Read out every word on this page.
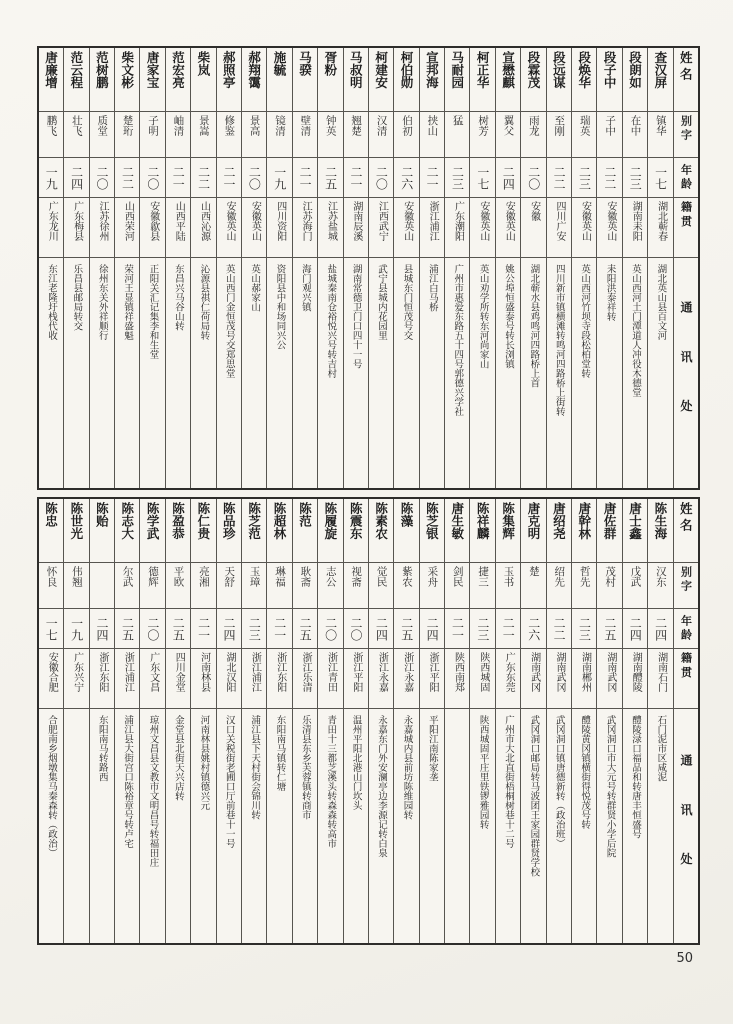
姓名
别字
年龄
籍贯
通讯处
查汉屏
镇华
一七
湖北蕲春
湖北英山县百文河
段朗如
在中
二三
湖南耒阳
英山西河土门潭道人冲役木德堂
段子中
子中
二二
安徽英山
耒阳洪泰祥转
段焕华
瑞英
二三
安徽英山
英山西河竹坝寺段松柏堂转
段远谋
至刚
二二
四川广安
四川新市镇横滩转鸣河四路桥上街转
段霖茂
雨龙
二〇
安徽
湖北蕲水县鸡鸣河四路桥上首
宣懋麒
翼父
二四
安徽英山
姚公埠恒盛泰号转长浏镇
柯正华
树芳
一七
安徽英山
英山劝学所转东河尚家山
马耐园
猛
二三
广东潮阳
广州市惠爱东路五十四号郭德兴学社
宣邦海
挟山
二一
浙江浦江
浦江白马桥
柯伯勋
伯初
二六
安徽英山
县城东门恒茂号交
柯建安
汉清
二〇
江西武宁
武宁县城内花园里
马叔明
翘楚
二一
湖南辰溪
湖南常德卫门口四十一号
胥粉
钟英
二五
江苏盐城
盐城秦南仓裕悦兴号转吉村
马骙
壁清
二一
江苏海门
海门观兴镇
施毓
镜清
一九
四川资阳
资阳县中和场同兴公
郝翔霭
景高
二〇
安徽英山
英山郝家山
郝照亭
修鉴
二一
安徽英山
英山西门金恒茂号交郑思堂
柴岚
景嵩
二二
山西沁源
沁源县祺仁荷局转
范宏亮
岫清
二一
山西平陆
东昌兴马谷山转
唐家宝
子明
二〇
安徽歙县
正阳关汇记集李和生堂
柴文彬
楚珩
二二
山西荣河
荣河王显镇祥盛魁
范树鹏
质堂
二〇
江苏徐州
徐州东关外祥顺行
范云程
壮飞
二四
广东梅县
乐昌县邮局转交
唐廉增
鹏飞
一九
广东龙川
东江老隆圩栈代收
姓名
别字
年龄
籍贯
通讯处
陈生海
汉东
二四
湖南石门
石门泥市区咸泥
唐士鑫
戊武
二四
湖南醴陵
醴陵渌口福品和转唐丰恒盛号
唐佐群
茂村
二五
湖南武冈
武冈洞口市大元号转群贤小学后院
唐幹林
哲先
二三
湖南郴州
醴陵黄冈镇横街得悦茂号转
唐绍尧
绍先
二二
湖南武冈
武冈洞口镇唐德新转（政治班）
唐克明
楚
二六
湖南武冈
武冈洞口邮局转马波团王家园群贤学校
陈集辉
玉书
二一
广东东莞
广州市大北直街梧桐树巷十二号
陈祥麟
捷三
二三
陕西城固
陕西城固平庄里铁锣雅园转
唐生敏
剑民
二一
陕西南郑
陈芝银
采舟
二四
浙江平阳
平阳江南陈家垄
陈藻
紫农
二五
浙江永嘉
永嘉城内县前坊陈维园转
陈素农
觉民
二四
浙江永嘉
永嘉东门外安澜亭边李源记转白泉
陈震东
视斋
二〇
浙江平阳
温州平阳北港山门坎头
陈履旋
志公
二〇
浙江青田
青田十三都芝溪头转森森转高市
陈范
耿斋
二五
浙江乐清
乐清县东乡芙蓉镇转商市
陈超林
琳福
二一
浙江东阳
东阳南马镇转仁塘
陈芝范
玉璋
二三
浙江浦江
浦江县下天村街会锦川转
陈品珍
天舒
二四
湖北汉阳
汉口关税街老圃口厅前巷十一号
陈仁贵
亮湘
二一
河南林县
河南林县姚村镇德兴元
陈盈恭
平欧
二五
四川金堂
金堂县北街天兴店转
陈学武
德辉
二〇
广东文昌
琼州文昌县文教市文明昌号转福田庄
陈志大
尔武
二五
浙江浦江
浦江县大街宫口陈裕章号转卢宅
陈贻
二四
浙江东阳
东阳南马转路西
陈世光
伟翘
一九
广东兴宁
陈忠
怀良
一七
安徽合肥
合肥南乡烟墩集马秦森转（政治）
50
